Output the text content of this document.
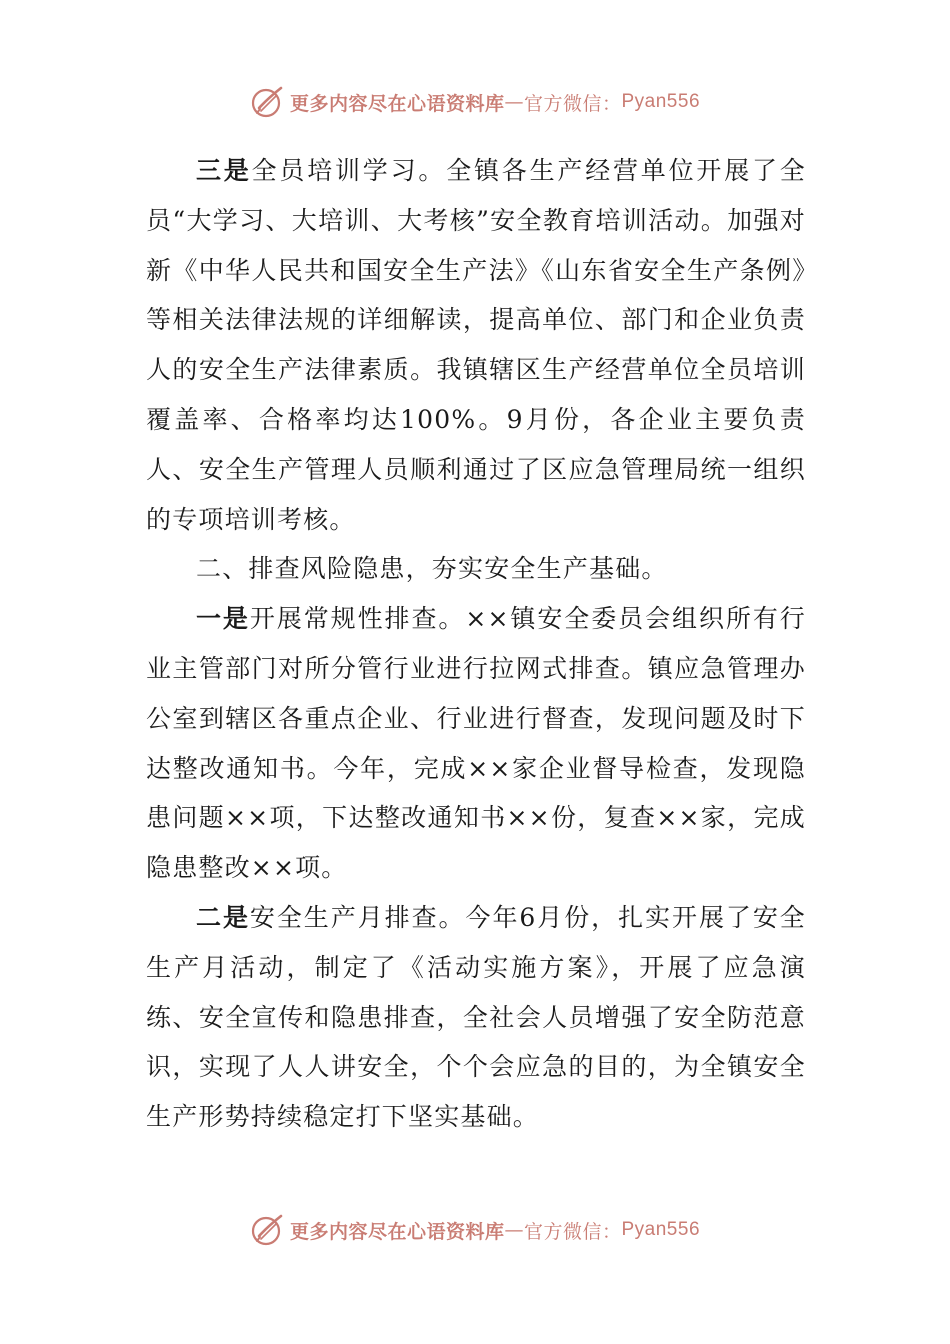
更多内容尽在心语资料库 — 官方微信： Pyan556

三是全员培训学习。全镇各生产经营单位开展了全员“大学习、大培训、大考核”安全教育培训活动。加强对新《中华人民共和国安全生产法》《山东省安全生产条例》等相关法律法规的详细解读，提高单位、部门和企业负责人的安全生产法律素质。我镇辖区生产经营单位全员培训覆盖率、合格率均达100%。9月份，各企业主要负责人、安全生产管理人员顺利通过了区应急管理局统一组织的专项培训考核。

二、排查风险隐患，夯实安全生产基础。

一是开展常规性排查。××镇安全委员会组织所有行业主管部门对所分管行业进行拉网式排查。镇应急管理办公室到辖区各重点企业、行业进行督查，发现问题及时下达整改通知书。今年，完成××家企业督导检查，发现隐患问题××项，下达整改通知书××份，复查××家，完成隐患整改××项。

二是安全生产月排查。今年6月份，扎实开展了安全生产月活动，制定了《活动实施方案》，开展了应急演练、安全宣传和隐患排查，全社会人员增强了安全防范意识，实现了人人讲安全，个个会应急的目的，为全镇安全生产形势持续稳定打下坚实基础。

更多内容尽在心语资料库 — 官方微信： Pyan556
